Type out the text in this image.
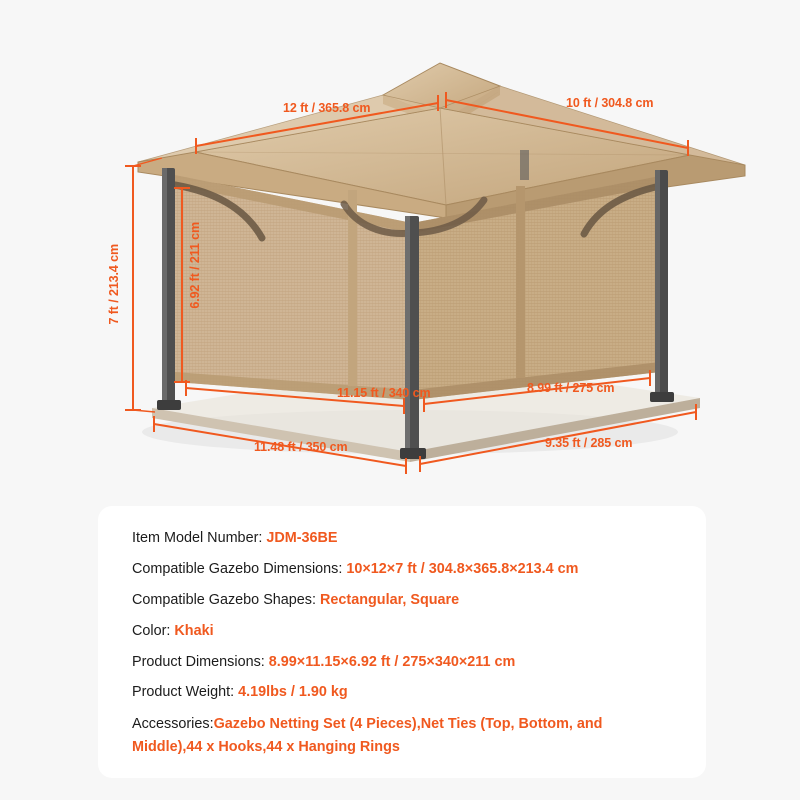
12 ft / 365.8 cm	10 ft / 304.8 cm
7 ft / 213.4 cm	6.92 ft / 211 cm
11.15 ft / 340 cm	8.99 ft / 275 cm
11.48 ft / 350 cm	9.35 ft / 285 cm
Item Model Number: JDM-36BE
Compatible Gazebo Dimensions: 10×12×7 ft / 304.8×365.8×213.4 cm
Compatible Gazebo Shapes: Rectangular, Square
Color: Khaki
Product Dimensions: 8.99×11.15×6.92 ft / 275×340×211 cm
Product Weight: 4.19lbs / 1.90 kg
Accessories:Gazebo Netting Set (4 Pieces),Net Ties (Top, Bottom, and Middle),44 x Hooks,44 x Hanging Rings
